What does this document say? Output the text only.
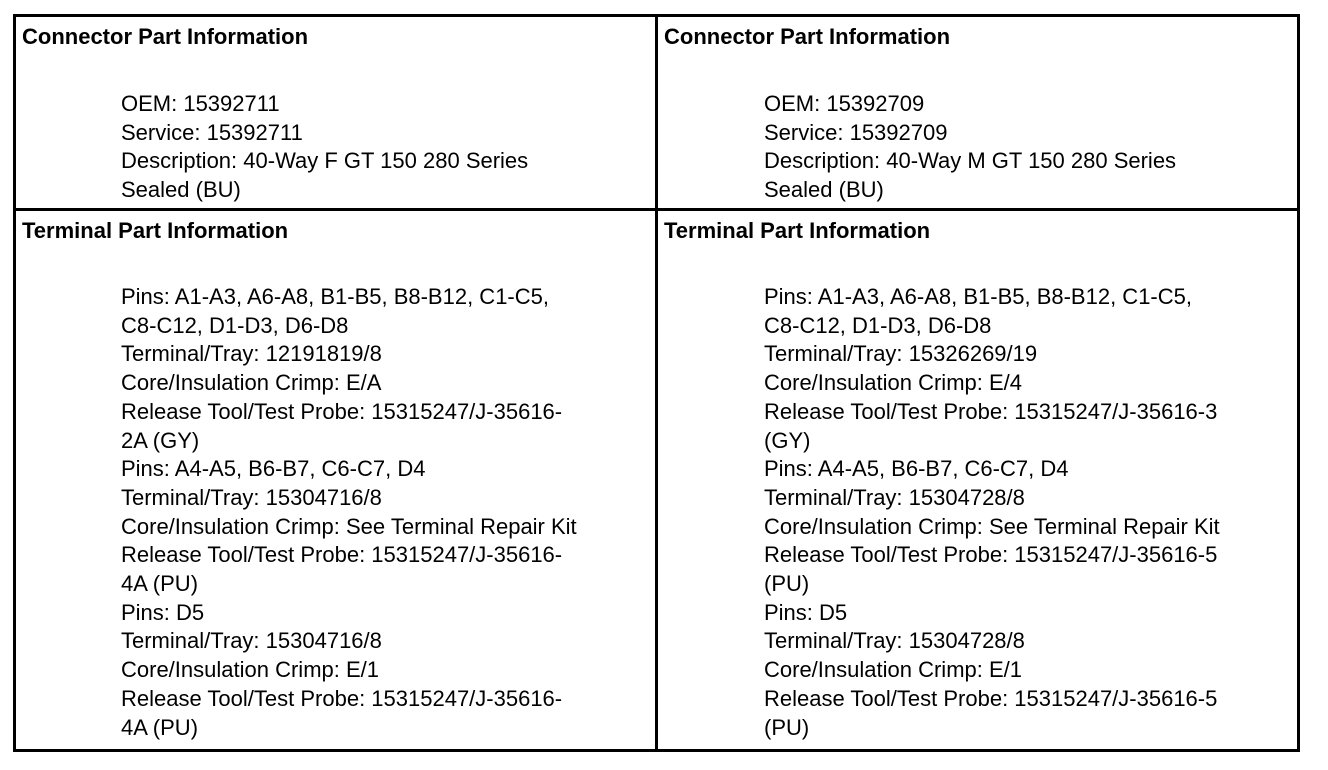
Connector Part Information
OEM: 15392711
Service: 15392711
Description: 40-Way F GT 150 280 Series
Sealed (BU)
Connector Part Information
OEM: 15392709
Service: 15392709
Description: 40-Way M GT 150 280 Series
Sealed (BU)
Terminal Part Information
Pins: A1-A3, A6-A8, B1-B5, B8-B12, C1-C5,
C8-C12, D1-D3, D6-D8
Terminal/Tray: 12191819/8
Core/Insulation Crimp: E/A
Release Tool/Test Probe: 15315247/J-35616-
2A (GY)
Pins: A4-A5, B6-B7, C6-C7, D4
Terminal/Tray: 15304716/8
Core/Insulation Crimp: See Terminal Repair Kit
Release Tool/Test Probe: 15315247/J-35616-
4A (PU)
Pins: D5
Terminal/Tray: 15304716/8
Core/Insulation Crimp: E/1
Release Tool/Test Probe: 15315247/J-35616-
4A (PU)
Terminal Part Information
Pins: A1-A3, A6-A8, B1-B5, B8-B12, C1-C5,
C8-C12, D1-D3, D6-D8
Terminal/Tray: 15326269/19
Core/Insulation Crimp: E/4
Release Tool/Test Probe: 15315247/J-35616-3
(GY)
Pins: A4-A5, B6-B7, C6-C7, D4
Terminal/Tray: 15304728/8
Core/Insulation Crimp: See Terminal Repair Kit
Release Tool/Test Probe: 15315247/J-35616-5
(PU)
Pins: D5
Terminal/Tray: 15304728/8
Core/Insulation Crimp: E/1
Release Tool/Test Probe: 15315247/J-35616-5
(PU)
